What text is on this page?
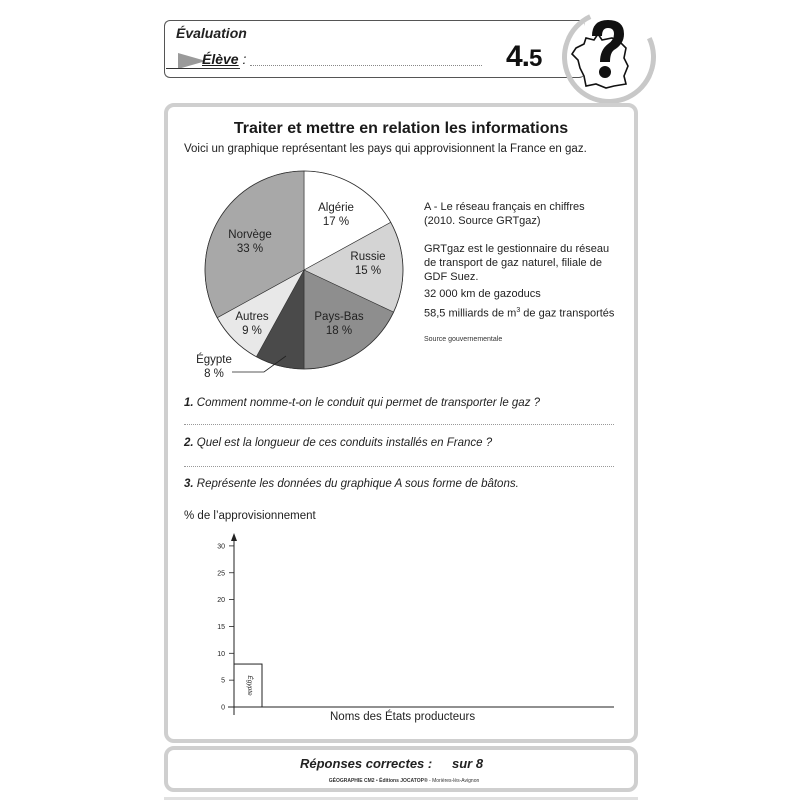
Évaluation
Élève :	4.5
Traiter et mettre en relation les informations
Voici un graphique représentant les pays qui approvisionnent la France en gaz.
Algérie
17 %
Russie
15 %
Pays-Bas
18 %
Égypte
8 %
Autres
9 %
Norvège
33 %

A - Le réseau français en chiffres

(2010. Source GRTgaz)

GRTgaz est le gestionnaire du réseau

de transport de gaz naturel, filiale de

GDF Suez.

32 000 km de gazoducs

58,5 milliards de $m^3$ de gaz transportés

Source gouvernementale

1. Comment nomme-t-on le conduit qui permet de transporter le gaz ?
2. Quel est la longueur de ces conduits installés en France ?
3. Représente les données du graphique A sous forme de bâtons.
% de l’approvisionnement
0
5
10
15
20
25
30
Égypte
Noms des États producteurs
Réponses correctes : sur 8
GÉOGRAPHIE CM2 • Éditions JOCATOP® - Morières-lès-Avignon
